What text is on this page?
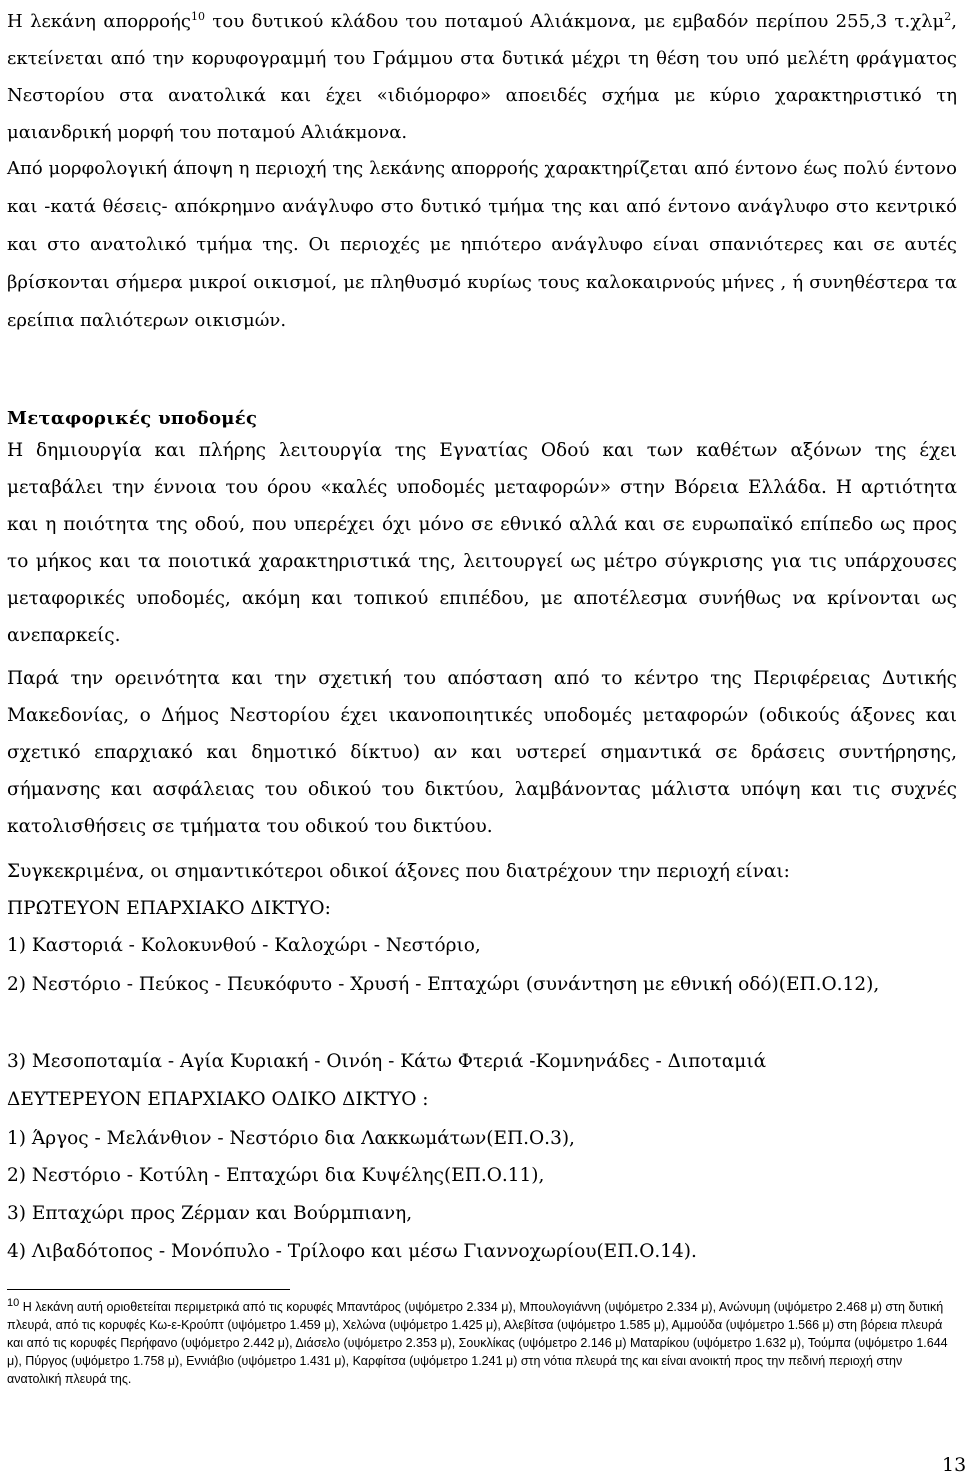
Η λεκάνη απορροής$^{10}$ του δυτικού κλάδου του ποταμού Αλιάκμονα, με εμβαδόν περίπου 255,3 τ.χλμ$^2$, εκτείνεται από την κορυφογραμμή του Γράμμου στα δυτικά μέχρι τη θέση του υπό μελέτη φράγματος Νεστορίου στα ανατολικά και έχει «ιδιόμορφο» αποειδές σχήμα με κύριο χαρακτηριστικό τη μαιανδρική μορφή του ποταμού Αλιάκμονα.
Από μορφολογική άποψη η περιοχή της λεκάνης απορροής χαρακτηρίζεται από έντονο έως πολύ έντονο και -κατά θέσεις- απόκρημνο ανάγλυφο στο δυτικό τμήμα της και από έντονο ανάγλυφο στο κεντρικό και στο ανατολικό τμήμα της. Οι περιοχές με ηπιότερο ανάγλυφο είναι σπανιότερες και σε αυτές βρίσκονται σήμερα μικροί οικισμοί, με πληθυσμό κυρίως τους καλοκαιρνούς μήνες , ή συνηθέστερα τα ερείπια παλιότερων οικισμών.
Μεταφορικές υποδομές
Η δημιουργία και πλήρης λειτουργία της Εγνατίας Οδού και των καθέτων αξόνων της έχει μεταβάλει την έννοια του όρου «καλές υποδομές μεταφορών» στην Βόρεια Ελλάδα. Η αρτιότητα και η ποιότητα της οδού, που υπερέχει όχι μόνο σε εθνικό αλλά και σε ευρωπαϊκό επίπεδο ως προς το μήκος και τα ποιοτικά χαρακτηριστικά της, λειτουργεί ως μέτρο σύγκρισης για τις υπάρχουσες μεταφορικές υποδομές, ακόμη και τοπικού επιπέδου, με αποτέλεσμα συνήθως να κρίνονται ως ανεπαρκείς.
Παρά την ορεινότητα και την σχετική του απόσταση από το κέντρο της Περιφέρειας Δυτικής Μακεδονίας, ο Δήμος Νεστορίου έχει ικανοποιητικές υποδομές μεταφορών (οδικούς άξονες και σχετικό επαρχιακό και δημοτικό δίκτυο) αν και υστερεί σημαντικά σε δράσεις συντήρησης, σήμανσης και ασφάλειας του οδικού του δικτύου, λαμβάνοντας μάλιστα υπόψη και τις συχνές κατολισθήσεις σε τμήματα του οδικού του δικτύου.
Συγκεκριμένα, οι σημαντικότεροι οδικοί άξονες που διατρέχουν την περιοχή είναι:
ΠΡΩΤΕΥΟΝ ΕΠΑΡΧΙΑΚΟ ΔΙΚΤΥΟ:
1) Καστοριά - Κολοκυνθού - Καλοχώρι - Νεστόριο,
2) Νεστόριο - Πεύκος - Πευκόφυτο - Χρυσή - Επταχώρι (συνάντηση με εθνική οδό)(ΕΠ.Ο.12),
3) Μεσοποταμία - Αγία Κυριακή - Οινόη - Κάτω Φτεριά -Κομνηνάδες - Διποταμιά
ΔΕΥΤΕΡΕΥΟΝ ΕΠΑΡΧΙΑΚΟ ΟΔΙΚΟ ΔΙΚΤΥΟ :
1) Άργος - Μελάνθιον - Νεστόριο δια Λακκωμάτων(ΕΠ.Ο.3),
2) Νεστόριο - Κοτύλη - Επταχώρι δια Κυψέλης(ΕΠ.Ο.11),
3) Επταχώρι προς Ζέρμαν και Βούρμπιανη,
4) Λιβαδότοπος - Μονόπυλο - Τρίλοφο και μέσω Γιαννοχωρίου(ΕΠ.Ο.14).
10 Η λεκάνη αυτή οριοθετείται περιμετρικά από τις κορυφές Μπαντάρος (υψόμετρο 2.334 μ), Μπουλογιάννη (υψόμετρο 2.334 μ), Ανώνυμη (υψόμετρο 2.468 μ) στη δυτική πλευρά, από τις κορυφές Κω-ε-Κρούπτ (υψόμετρο 1.459 μ), Χελώνα (υψόμετρο 1.425 μ), Αλεβίτσα (υψόμετρο 1.585 μ), Αμμούδα (υψόμετρο 1.566 μ) στη βόρεια πλευρά και από τις κορυφές Περήφανο (υψόμετρο 2.442 μ), Διάσελο (υψόμετρο 2.353 μ), Σουκλίκας (υψόμετρο 2.146 μ) Mαταρίκου (υψόμετρο 1.632 μ), Τούμπα (υψόμετρο 1.644 μ), Πύργος (υψόμετρο 1.758 μ), Εννιάβιο (υψόμετρο 1.431 μ), Καρφίτσα (υψόμετρο 1.241 μ) στη νότια πλευρά της και είναι ανοικτή προς την πεδινή περιοχή στην ανατολική πλευρά της.
13
